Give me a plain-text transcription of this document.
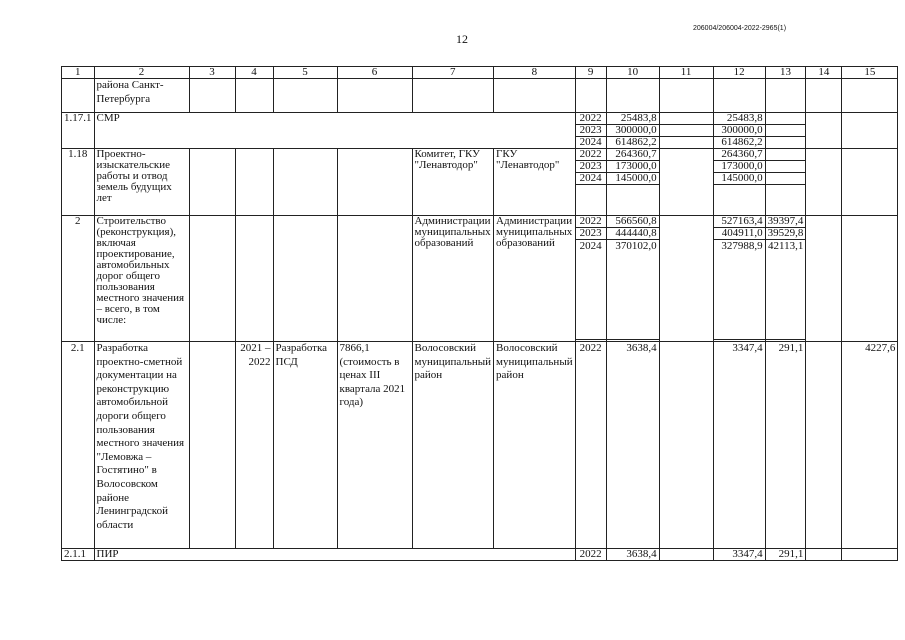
12
206004/206004-2022-2965(1)
1	2	3	4	5	6	7	8	9	10	11	12	13	14	15
	района Санкт-Петербурга													
1.17.1	СМР							2022	25483,8		25483,8			
								2023	300000,0		300000,0			
								2024	614862,2		614862,2			
1.18	Проектно-изыскательские работы и отвод земель будущих лет					Комитет, ГКУ "Ленавтодор"	ГКУ "Ленавтодор"	2022	264360,7		264360,7			
								2023	173000,0		173000,0			
								2024	145000,0		145000,0			

2	Строительство (реконструкция), включая проектирование, автомобильных дорог общего пользования местного значения – всего, в том числе:					Администрации муниципальных образований	Администрации муниципальных образований	2022	566560,8		527163,4	39397,4		
								2023	444440,8		404911,0	39529,8		
								2024	370102,0		327988,9	42113,1		

2.1	Разработка проектно-сметной документации на реконструкцию автомобильной дороги общего пользования местного значения "Лемовжа – Гостятино" в Волосовском районе Ленинградской области		2021 – 2022	Разработка ПСД	7866,1 (стоимость в ценах III квартала 2021 года)	Волосовский муниципальный район	Волосовский муниципальный район	2022	3638,4		3347,4	291,1		4227,6
2.1.1	ПИР							2022	3638,4		3347,4	291,1		
